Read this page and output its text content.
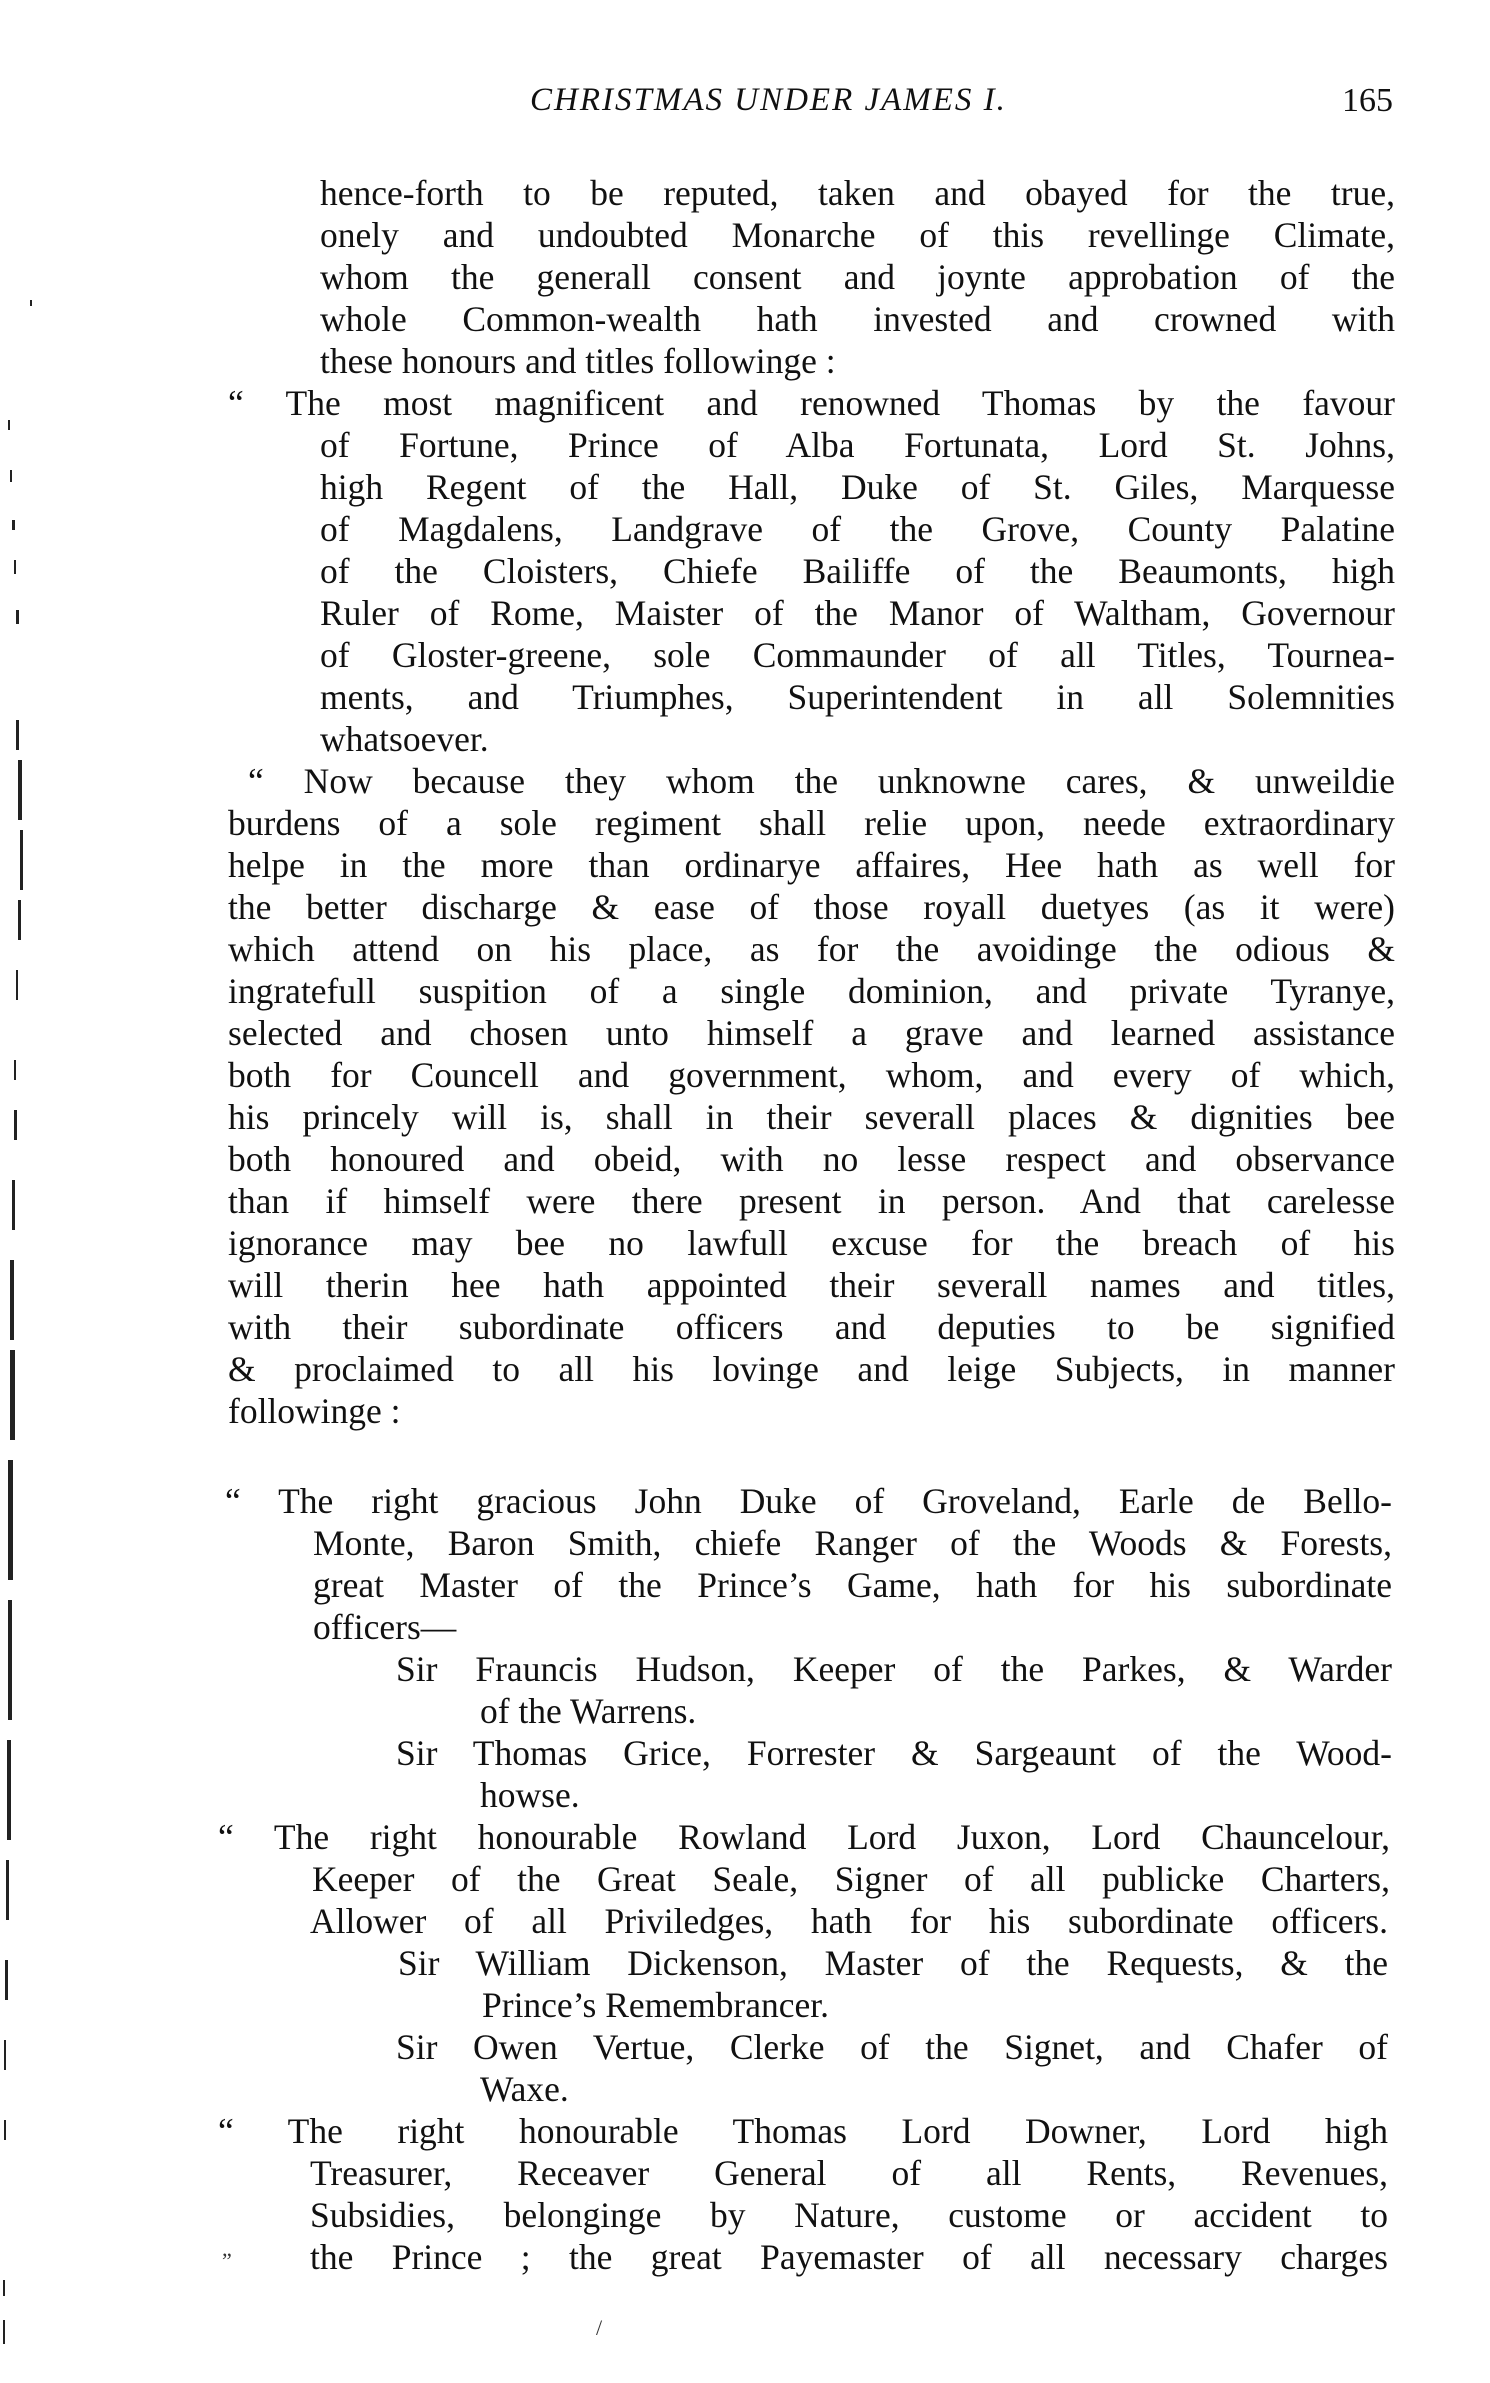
CHRISTMAS UNDER JAMES I.	165
hence-forth to be reputed, taken and obayed for the true,
onely and undoubted Monarche of this revellinge Climate,
whom the generall consent and joynte approbation of the
whole Common-wealth hath invested and crowned with
these honours and titles followinge :
“ The most magnificent and renowned Thomas by the favour
of Fortune, Prince of Alba Fortunata, Lord St. Johns,
high Regent of the Hall, Duke of St. Giles, Marquesse
of Magdalens, Landgrave of the Grove, County Palatine
of the Cloisters, Chiefe Bailiffe of the Beaumonts, high
Ruler of Rome, Maister of the Manor of Waltham, Governour
of Gloster-greene, sole Commaunder of all Titles, Tournea-
ments, and Triumphes, Superintendent in all Solemnities
whatsoever.
“ Now because they whom the unknowne cares, & unweildie
burdens of a sole regiment shall relie upon, neede extraordinary
helpe in the more than ordinarye affaires, Hee hath as well for
the better discharge & ease of those royall duetyes (as it were)
which attend on his place, as for the avoidinge the odious &
ingratefull suspition of a single dominion, and private Tyranye,
selected and chosen unto himself a grave and learned assistance
both for Councell and government, whom, and every of which,
his princely will is, shall in their severall places & dignities bee
both honoured and obeid, with no lesse respect and observance
than if himself were there present in person. And that carelesse
ignorance may bee no lawfull excuse for the breach of his
will therin hee hath appointed their severall names and titles,
with their subordinate officers and deputies to be signified
& proclaimed to all his lovinge and leige Subjects, in manner
followinge :
“ The right gracious John Duke of Groveland, Earle de Bello-
Monte, Baron Smith, chiefe Ranger of the Woods & Forests,
great Master of the Prince’s Game, hath for his subordinate
officers—
Sir Frauncis Hudson, Keeper of the Parkes, & Warder
of the Warrens.
Sir Thomas Grice, Forrester & Sargeaunt of the Wood-
howse.
“ The right honourable Rowland Lord Juxon, Lord Chauncelour,
Keeper of the Great Seale, Signer of all publicke Charters,
Allower of all Priviledges, hath for his subordinate officers.
Sir William Dickenson, Master of the Requests, & the
Prince’s Remembrancer.
Sir Owen Vertue, Clerke of the Signet, and Chafer of
Waxe.
“ The right honourable Thomas Lord Downer, Lord high
Treasurer, Receaver General of all Rents, Revenues,
Subsidies, belonginge by Nature, custome or accident to
the Prince ; the great Payemaster of all necessary charges
„
/
